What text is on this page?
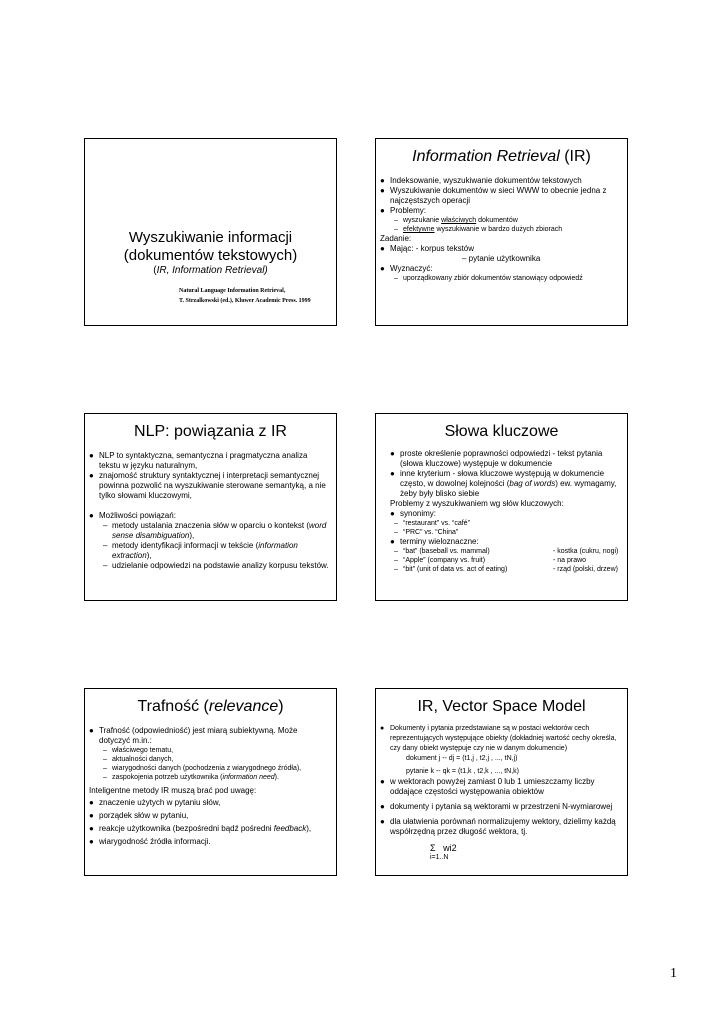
Wyszukiwanie informacji
(dokumentów tekstowych)
(IR, Information Retrieval)
Natural Language Information Retrieval,
T. Strzalkowski (ed.), Kluwer Academic Press. 1999
Information Retrieval (IR)
● Indeksowanie, wyszukiwanie dokumentów tekstowych
● Wyszukiwanie dokumentów w sieci WWW to obecnie jedna z najczęstszych operacji
● Problemy:
– wyszukanie właściwych dokumentów
– efektywne wyszukiwanie w bardzo dużych zbiorach
Zadanie:
● Mając: - korpus tekstów
– pytanie użytkownika
● Wyznaczyć:
– uporządkowany zbiór dokumentów stanowiący odpowiedź
NLP: powiązania z IR
● NLP to syntaktyczna, semantyczna i pragmatyczna analiza tekstu w języku naturalnym,
● znajomość struktury syntaktycznej i interpretacji semantycznej powinna pozwolić na wyszukiwanie sterowane semantyką, a nie tylko słowami kluczowymi,
● Możliwości powiązań:
– metody ustalania znaczenia słów w oparciu o kontekst (word sense disambiguation),
– metody identyfikacji informacji w tekście (information extraction),
– udzielanie odpowiedzi na podstawie analizy korpusu tekstów.
Słowa kluczowe
● proste określenie poprawności odpowiedzi - tekst pytania (słowa kluczowe) występuje w dokumencie
● inne kryterium - słowa kluczowe występują w dokumencie często, w dowolnej kolejności (bag of words) ew. wymagamy, żeby były blisko siebie
Problemy z wyszukiwaniem wg słów kluczowych:
● synonimy:
– “restaurant” vs. “café”
– “PRC” vs. “China”
● terminy wieloznaczne:
– “bat” (baseball vs. mammal)	- kostka (cukru, nogi)
– “Apple” (company vs. fruit)	- na prawo
– “bit” (unit of data vs. act of eating)	- rząd (polski, drzew)
Trafność (relevance)
● Trafność (odpowiedniość) jest miarą subiektywną. Może dotyczyć m.in.:
– właściwego tematu,
– aktualności danych,
– wiarygodności danych (pochodzenia z wiarygodnego źródła),
– zaspokojenia potrzeb użytkownika (information need).
Inteligentne metody IR muszą brać pod uwagę:
● znaczenie użytych w pytaniu słów,
● porządek słów w pytaniu,
● reakcje użytkownika (bezpośredni bądź pośredni feedback),
● wiarygodność źródła informacji.
IR, Vector Space Model
● Dokumenty i pytania przedstawiane są w postaci wektorów cech reprezentujących występujące obiekty (dokładniej wartość cechy określa, czy dany obiekt występuje czy nie w danym dokumencie)
dokument j -- dj = (t1,j , t2,j , ..., tN,j)
pytanie k -- qk = (t1,k , t2,k , ..., tN,k)
● w wektorach powyżej zamiast 0 lub 1 umieszczamy liczby oddające częstości występowania obiektów
● dokumenty i pytania są wektorami w przestrzeni N-wymiarowej
● dla ułatwienia porównań normalizujemy wektory, dzielimy każdą współrzędną przez długość wektora, tj.
Σ wi2
i=1..N
1
